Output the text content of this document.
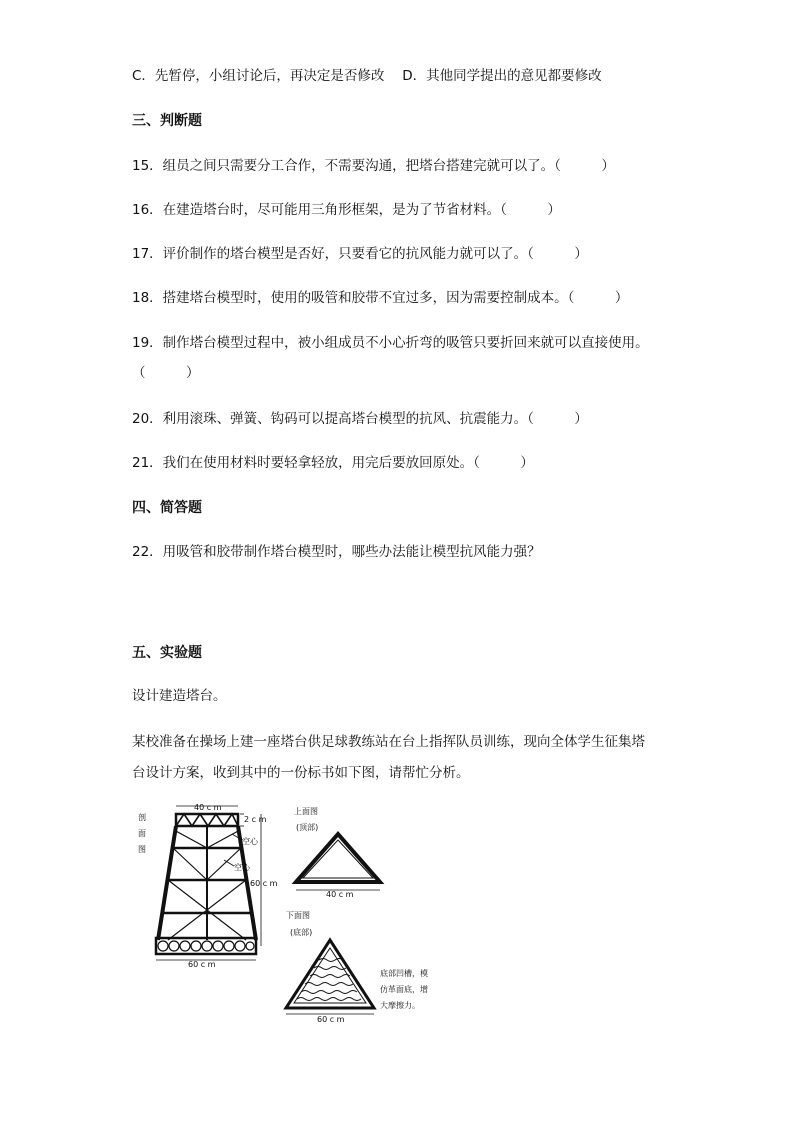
C．先暂停，小组讨论后，再决定是否修改　 D．其他同学提出的意见都要修改
三、判断题
15．组员之间只需要分工合作，不需要沟通，把塔台搭建完就可以了。（　　　）
16．在建造塔台时，尽可能用三角形框架，是为了节省材料。（　　　）
17．评价制作的塔台模型是否好，只要看它的抗风能力就可以了。（　　　）
18．搭建塔台模型时，使用的吸管和胶带不宜过多，因为需要控制成本。（　　　）
19．制作塔台模型过程中，被小组成员不小心折弯的吸管只要折回来就可以直接使用。
（　　　）
20．利用滚珠、弹簧、钩码可以提高塔台模型的抗风、抗震能力。（　　　）
21．我们在使用材料时要轻拿轻放，用完后要放回原处。（　　　）
四、简答题
22．用吸管和胶带制作塔台模型时，哪些办法能让模型抗风能力强？
五、实验题
设计建造塔台。
某校准备在操场上建一座塔台供足球教练站在台上指挥队员训练，现向全体学生征集塔
台设计方案，收到其中的一份标书如下图，请帮忙分析。
剖
面
图
40 c m
2 c m
60 c m
空心
空心
60 c m
上面图
(顶部)
40 c m
下面图
(底部)
60 c m
底部凹槽，模
仿革面底，增
大摩擦力。
